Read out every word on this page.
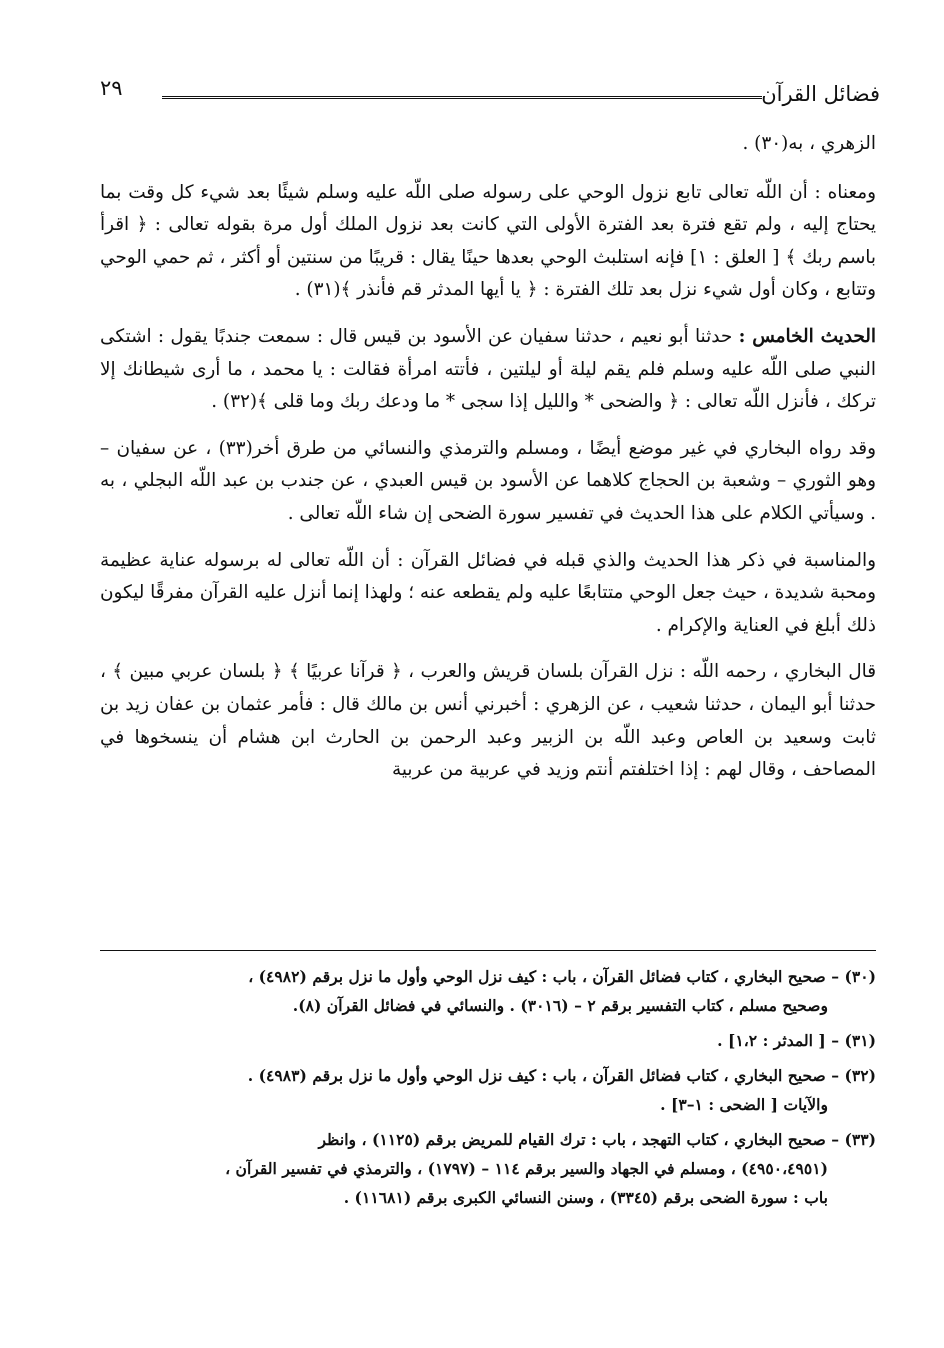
٢٩	فضائل القرآن

الزهري ، به(٣٠) .

ومعناه : أن اللّه تعالى تابع نزول الوحي على رسوله صلى اللّه عليه وسلم شيئًا بعد شيء كل وقت بما يحتاج إليه ، ولم تقع فترة بعد الفترة الأولى التي كانت بعد نزول الملك أول مرة بقوله تعالى : ﴿ اقرأ باسم ربك ﴾ [ العلق : ١] فإنه استلبث الوحي بعدها حينًا يقال : قريبًا من سنتين أو أكثر ، ثم حمي الوحي وتتابع ، وكان أول شيء نزل بعد تلك الفترة : ﴿ يا أيها المدثر قم فأنذر ﴾(٣١) .

الحديث الخامس : حدثنا أبو نعيم ، حدثنا سفيان عن الأسود بن قيس قال : سمعت جندبًا يقول : اشتكى النبي صلى اللّه عليه وسلم فلم يقم ليلة أو ليلتين ، فأتته امرأة فقالت : يا محمد ، ما أرى شيطانك إلا تركك ، فأنزل اللّه تعالى : ﴿ والضحى * والليل إذا سجى * ما ودعك ربك وما قلى ﴾(٣٢) .

وقد رواه البخاري في غير موضع أيضًا ، ومسلم والترمذي والنسائي من طرق أخر(٣٣) ، عن سفيان – وهو الثوري – وشعبة بن الحجاج كلاهما عن الأسود بن قيس العبدي ، عن جندب بن عبد اللّه البجلي ، به . وسيأتي الكلام على هذا الحديث في تفسير سورة الضحى إن شاء اللّه تعالى .

والمناسبة في ذكر هذا الحديث والذي قبله في فضائل القرآن : أن اللّه تعالى له برسوله عناية عظيمة ومحبة شديدة ، حيث جعل الوحي متتابعًا عليه ولم يقطعه عنه ؛ ولهذا إنما أنزل عليه القرآن مفرقًا ليكون ذلك أبلغ في العناية والإكرام .

قال البخاري ، رحمه اللّه : نزل القرآن بلسان قريش والعرب ، ﴿ قرآنا عربيًا ﴾ ﴿ بلسان عربي مبين ﴾ ، حدثنا أبو اليمان ، حدثنا شعيب ، عن الزهري : أخبرني أنس بن مالك قال : فأمر عثمان بن عفان زيد بن ثابت وسعيد بن العاص وعبد اللّه بن الزبير وعبد الرحمن بن الحارث ابن هشام أن ينسخوها في المصاحف ، وقال لهم : إذا اختلفتم أنتم وزيد في عربية من عربية

(٣٠) – صحيح البخاري ، كتاب فضائل القرآن ، باب : كيف نزل الوحي وأول ما نزل برقم (٤٩٨٢) ،
وصحيح مسلم ، كتاب التفسير برقم ٢ – (٣٠١٦) . والنسائي في فضائل القرآن (٨).
(٣١) – [ المدثر : ١،٢] .
(٣٢) – صحيح البخاري ، كتاب فضائل القرآن ، باب : كيف نزل الوحي وأول ما نزل برقم (٤٩٨٣) .
والآيات [ الضحى : ١–٣] .
(٣٣) – صحيح البخاري ، كتاب التهجد ، باب : ترك القيام للمريض برقم (١١٢٥) ، وانظر
(٤٩٥٠،٤٩٥١) ، ومسلم في الجهاد والسير برقم ١١٤ – (١٧٩٧) ، والترمذي في تفسير القرآن ،
باب : سورة الضحى برقم (٣٣٤٥) ، وسنن النسائي الكبرى برقم (١١٦٨١) .
